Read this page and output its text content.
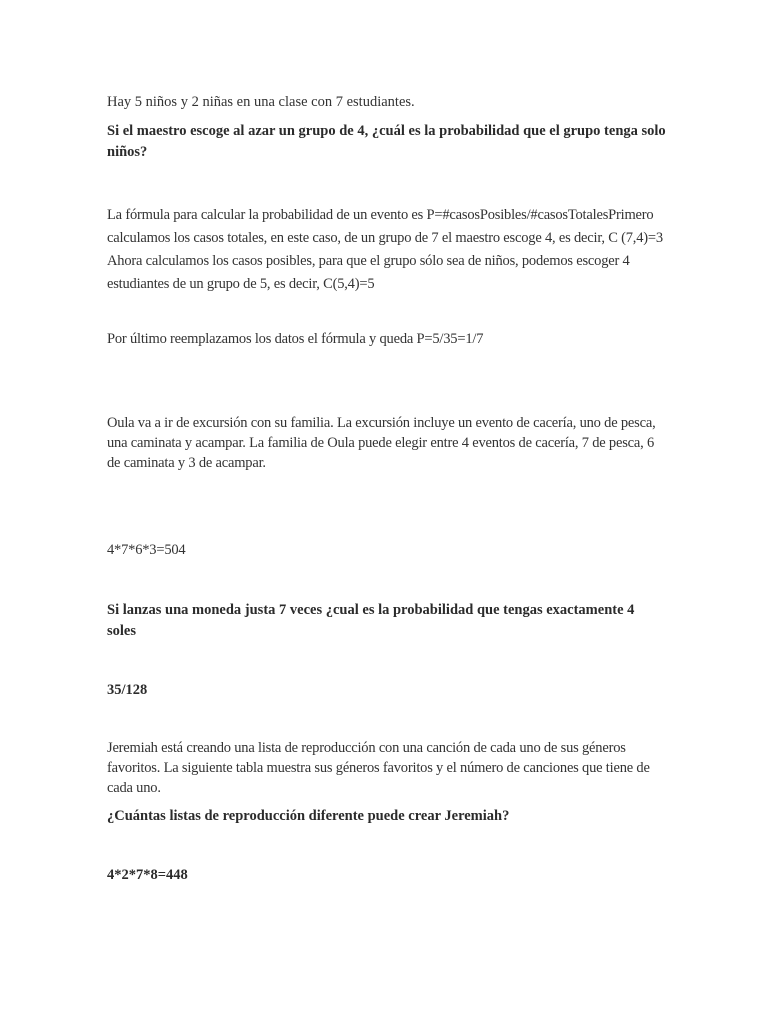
Hay 5 niños y 2 niñas en una clase con 7 estudiantes.

Si el maestro escoge al azar un grupo de 4, ¿cuál es la probabilidad que el grupo tenga solo niños?

La fórmula para calcular la probabilidad de un evento es P=#casosPosibles/#casosTotalesPrimero calculamos los casos totales, en este caso, de un grupo de 7 el maestro escoge 4, es decir, C (7,4)=3 Ahora calculamos los casos posibles, para que el grupo sólo sea de niños, podemos escoger 4 estudiantes de un grupo de 5, es decir, C(5,4)=5

Por último reemplazamos los datos el fórmula y queda P=5/35=1/7

Oula va a ir de excursión con su familia. La excursión incluye un evento de cacería, uno de pesca, una caminata y acampar. La familia de Oula puede elegir entre 4 eventos de cacería, 7 de pesca, 6 de caminata y 3 de acampar.

4*7*6*3=504

Si lanzas una moneda justa 7 veces ¿cual es la probabilidad que tengas exactamente 4 soles

35/128

Jeremiah está creando una lista de reproducción con una canción de cada uno de sus géneros favoritos. La siguiente tabla muestra sus géneros favoritos y el número de canciones que tiene de cada uno.

¿Cuántas listas de reproducción diferente puede crear Jeremiah?

4*2*7*8=448
